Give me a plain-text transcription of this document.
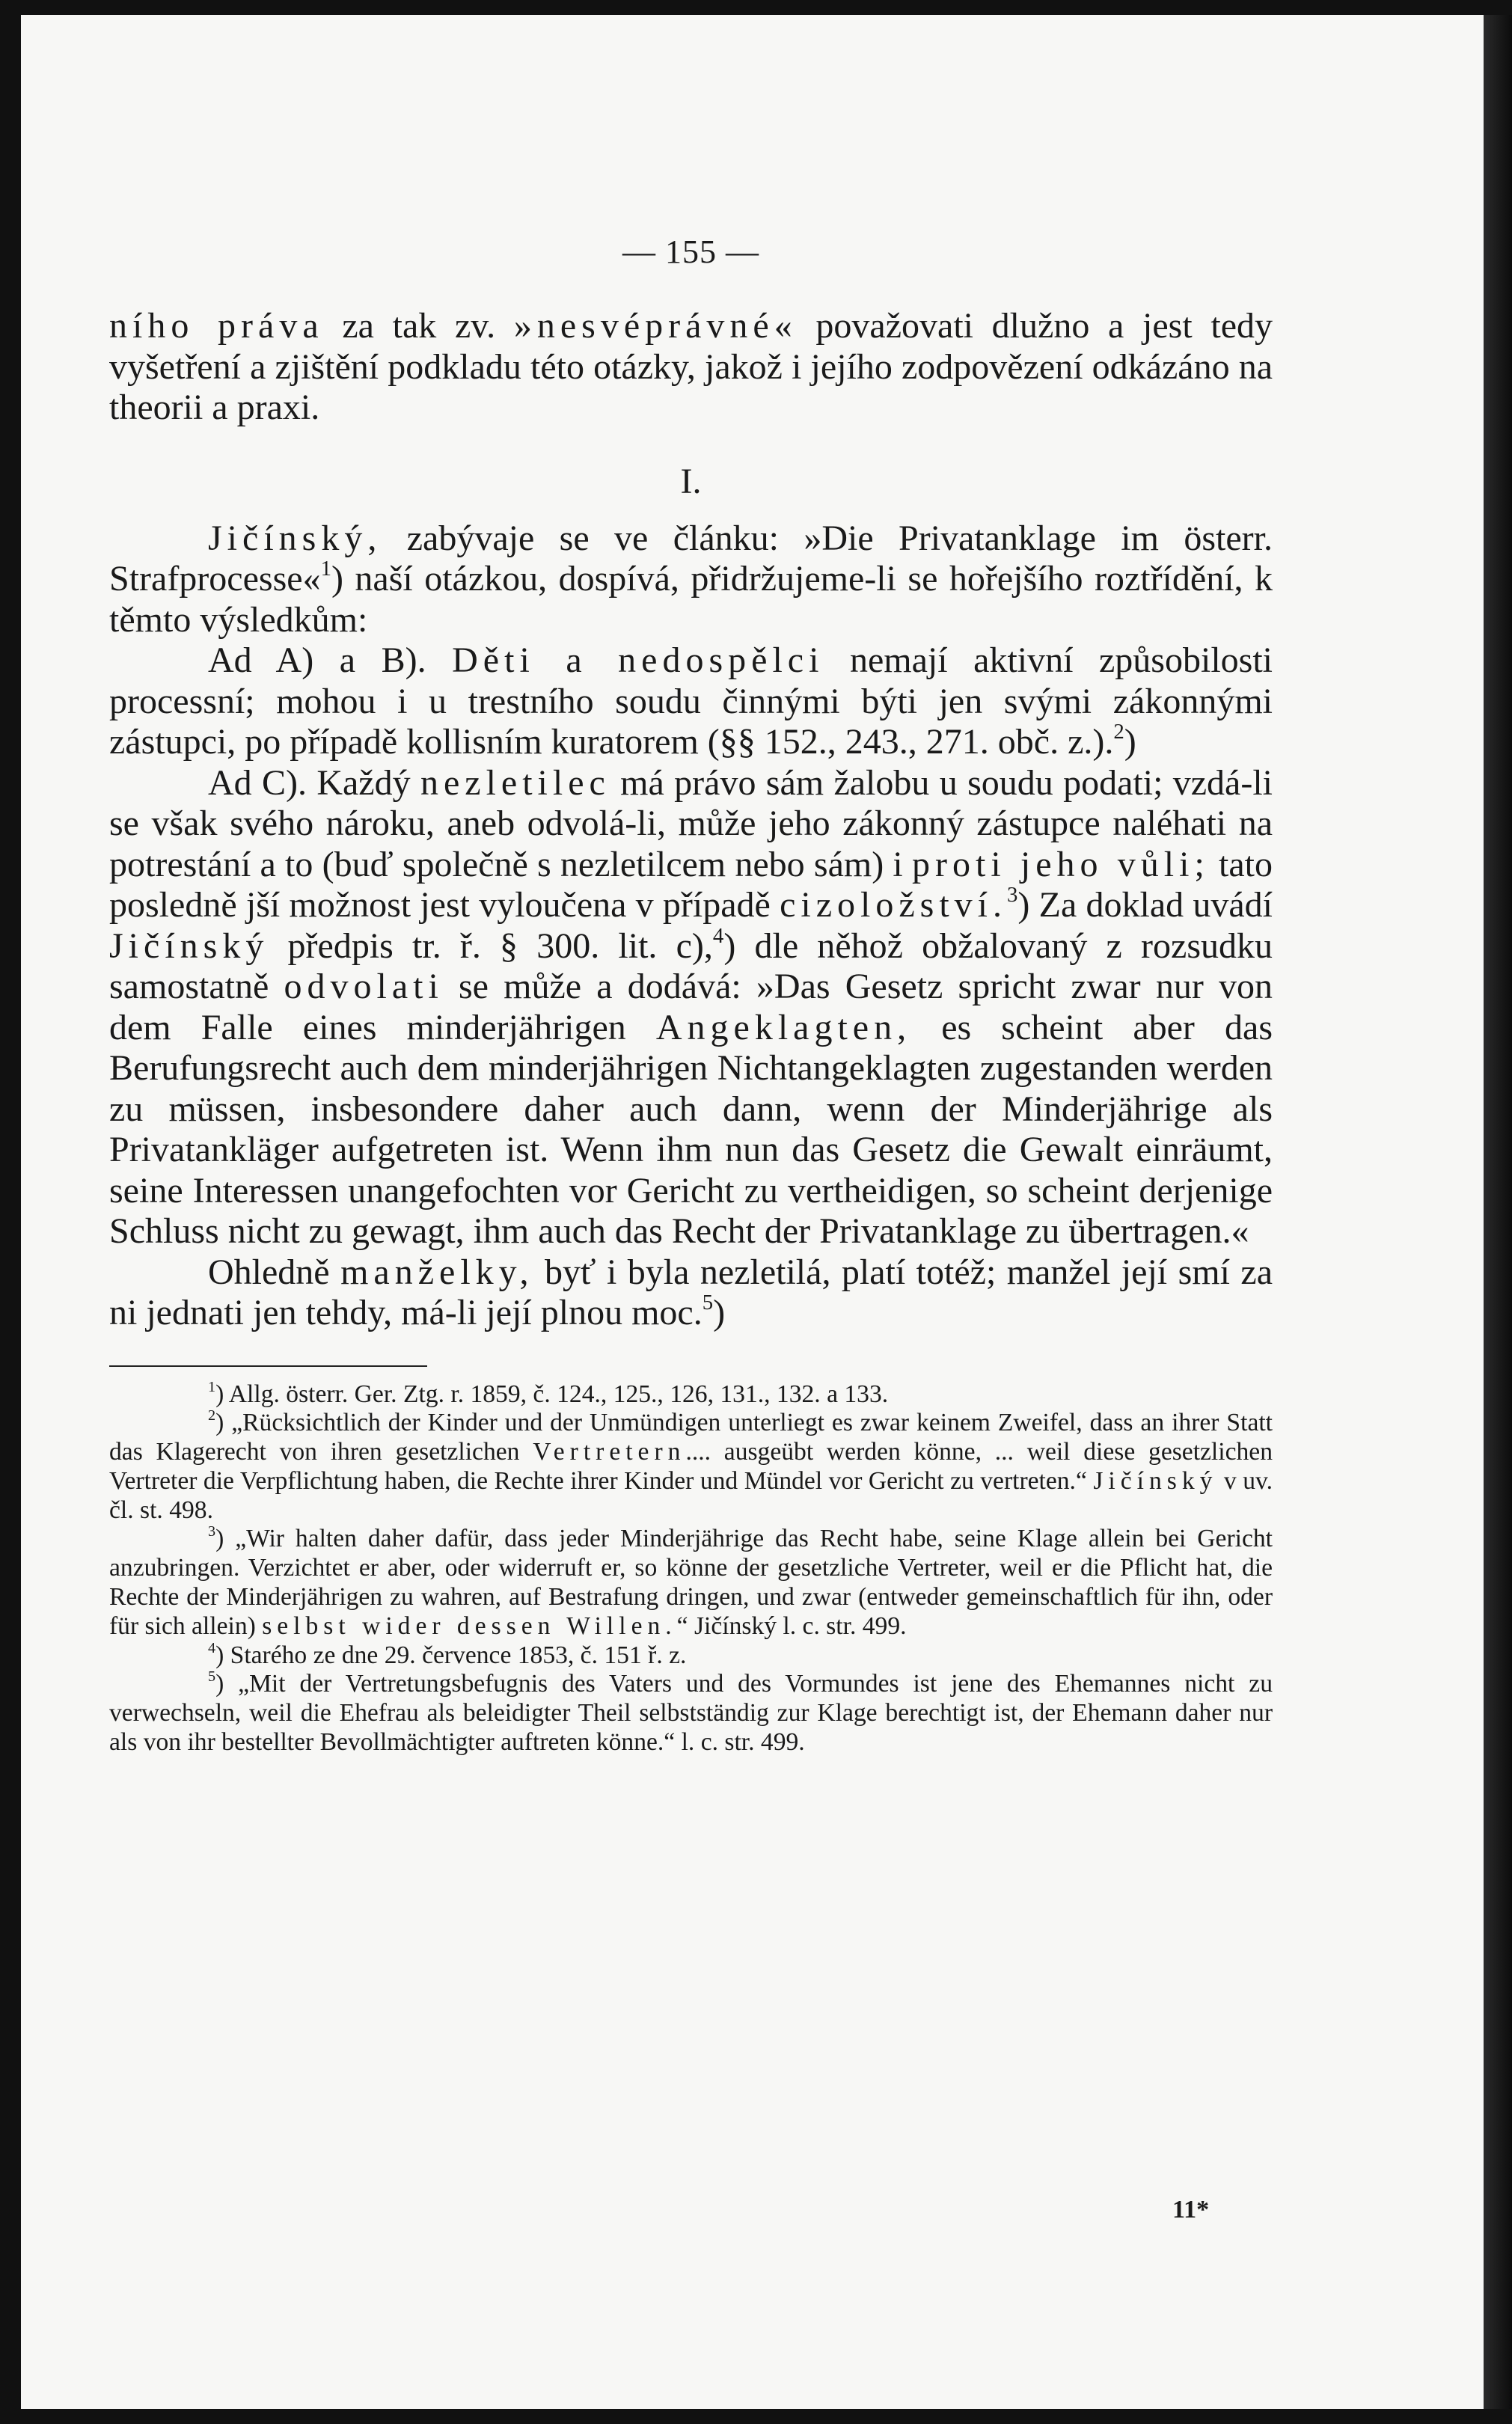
— 155 —

ního práva za tak zv. »nesvéprávné« považovati dlužno a jest tedy vyšetření a zjištění podkladu této otázky, jakož i jejího zodpovězení odkázáno na theorii a praxi.

I.

Jičínský, zabývaje se ve článku: »Die Privatanklage im österr. Strafprocesse«$^1$) naší otázkou, dospívá, přidržujeme-li se hořejšího roztřídění, k těmto výsledkům:

Ad A) a B). Děti a nedospělci nemají aktivní způsobilosti processní; mohou i u trestního soudu činnými býti jen svými zákonnými zástupci, po případě kollisním kuratorem (§§ 152., 243., 271. obč. z.).$^2$)

Ad C). Každý nezletilec má právo sám žalobu u soudu podati; vzdá-li se však svého nároku, aneb odvolá-li, může jeho zákonný zástupce naléhati na potrestání a to (buď společně s nezletilcem nebo sám) i proti jeho vůli; tato posledně jší možnost jest vyloučena v případě cizoložství.$^3$) Za doklad uvádí Jičínský předpis tr. ř. § 300. lit. c),$^4$) dle něhož obžalovaný z rozsudku samostatně odvolati se může a dodává: »Das Gesetz spricht zwar nur von dem Falle eines minderjährigen Angeklagten, es scheint aber das Berufungsrecht auch dem minderjährigen Nichtangeklagten zugestanden werden zu müssen, insbesondere daher auch dann, wenn der Minderjährige als Privatankläger aufgetreten ist. Wenn ihm nun das Gesetz die Gewalt einräumt, seine Interessen unangefochten vor Gericht zu vertheidigen, so scheint derjenige Schluss nicht zu gewagt, ihm auch das Recht der Privatanklage zu übertragen.«

Ohledně manželky, byť i byla nezletilá, platí totéž; manžel její smí za ni jednati jen tehdy, má-li její plnou moc.$^5$)

$^1$) Allg. österr. Ger. Ztg. r. 1859, č. 124., 125., 126, 131., 132. a 133.

$^2$) „Rücksichtlich der Kinder und der Unmündigen unterliegt es zwar keinem Zweifel, dass an ihrer Statt das Klagerecht von ihren gesetzlichen Vertretern.... ausgeübt werden könne, ... weil diese gesetzlichen Vertreter die Verpflichtung haben, die Rechte ihrer Kinder und Mündel vor Gericht zu vertreten.“ Jičínský v uv. čl. st. 498.

$^3$) „Wir halten daher dafür, dass jeder Minderjährige das Recht habe, seine Klage allein bei Gericht anzubringen. Verzichtet er aber, oder widerruft er, so könne der gesetzliche Vertreter, weil er die Pflicht hat, die Rechte der Minderjährigen zu wahren, auf Bestrafung dringen, und zwar (entweder gemeinschaftlich für ihn, oder für sich allein) selbst wider dessen Willen.“ Jičínský l. c. str. 499.

$^4$) Starého ze dne 29. července 1853, č. 151 ř. z.

$^5$) „Mit der Vertretungsbefugnis des Vaters und des Vormundes ist jene des Ehemannes nicht zu verwechseln, weil die Ehefrau als beleidigter Theil selbstständig zur Klage berechtigt ist, der Ehemann daher nur als von ihr bestellter Bevollmächtigter auftreten könne.“ l. c. str. 499.

11*
